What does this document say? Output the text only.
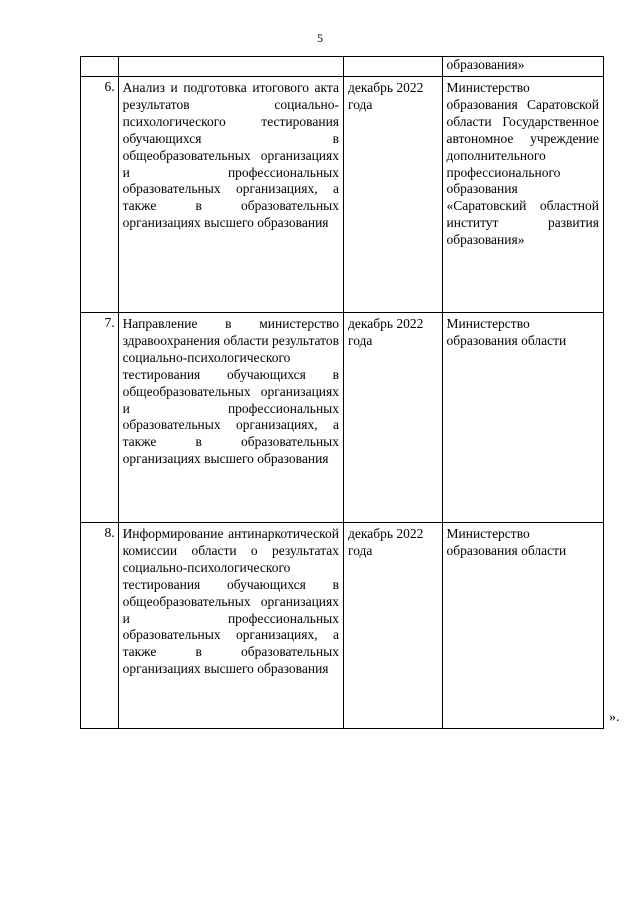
5
			образования»
6.	Анализ и подготовка итогового акта результатов социально-психологического тестирования обучающихся в общеобразовательных организациях и профессиональных образовательных организациях, а также в образовательных организациях высшего образования	декабрь 2022 года	Министерство образования Саратовской области Государственное автономное учреждение дополнительного профессионального образования «Саратовский областной институт развития образования»
7.	Направление в министерство здравоохранения области результатов социально-психологического тестирования обучающихся в общеобразовательных организациях и профессиональных образовательных организациях, а также в образовательных организациях высшего образования	декабрь 2022 года	Министерство образования области
8.	Информирование антинаркотической комиссии области о результатах социально-психологического тестирования обучающихся в общеобразовательных организациях и профессиональных образовательных организациях, а также в образовательных организациях высшего образования	декабрь 2022 года	Министерство образования области
».
